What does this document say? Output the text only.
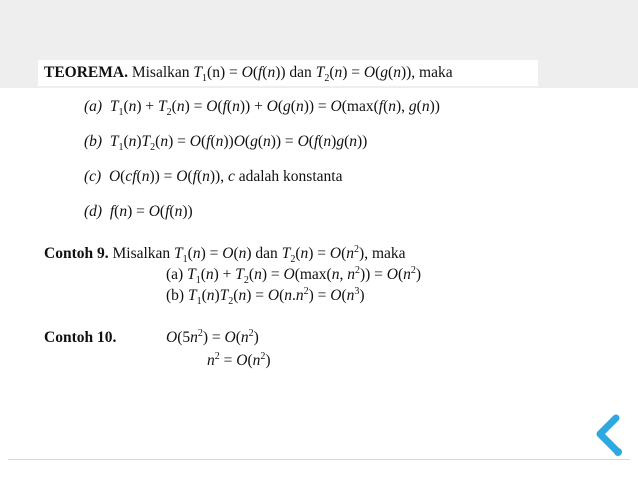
TEOREMA. Misalkan $T_1(n) = O(f(n))$ dan $T_2(n) = O(g(n))$, maka
(a) $T_1(n) + T_2(n) = O(f(n)) + O(g(n)) = O(\max(f(n)$, g(n))
(b) $T_1(n)T_2(n) = O(f(n))O(g(n)) = O(f(n)g(n))$
(c) O(cf(n)) = O(f(n)), c adalah konstanta
(d) f(n) = O(f(n))
Contoh 9. Misalkan $T_1(n) = O(n)$ dan $T_2(n) = O(n^2)$, maka
(a) $T_1(n) + T_2(n) = O(\max(n$, $n^2)) = O(n^2)$
(b) $T_1(n)T_2(n) = O(n.n^2) = O(n^3)$
Contoh 10.	$O(5n^2) = O(n^2)$
$n^2 = O(n^2)$
